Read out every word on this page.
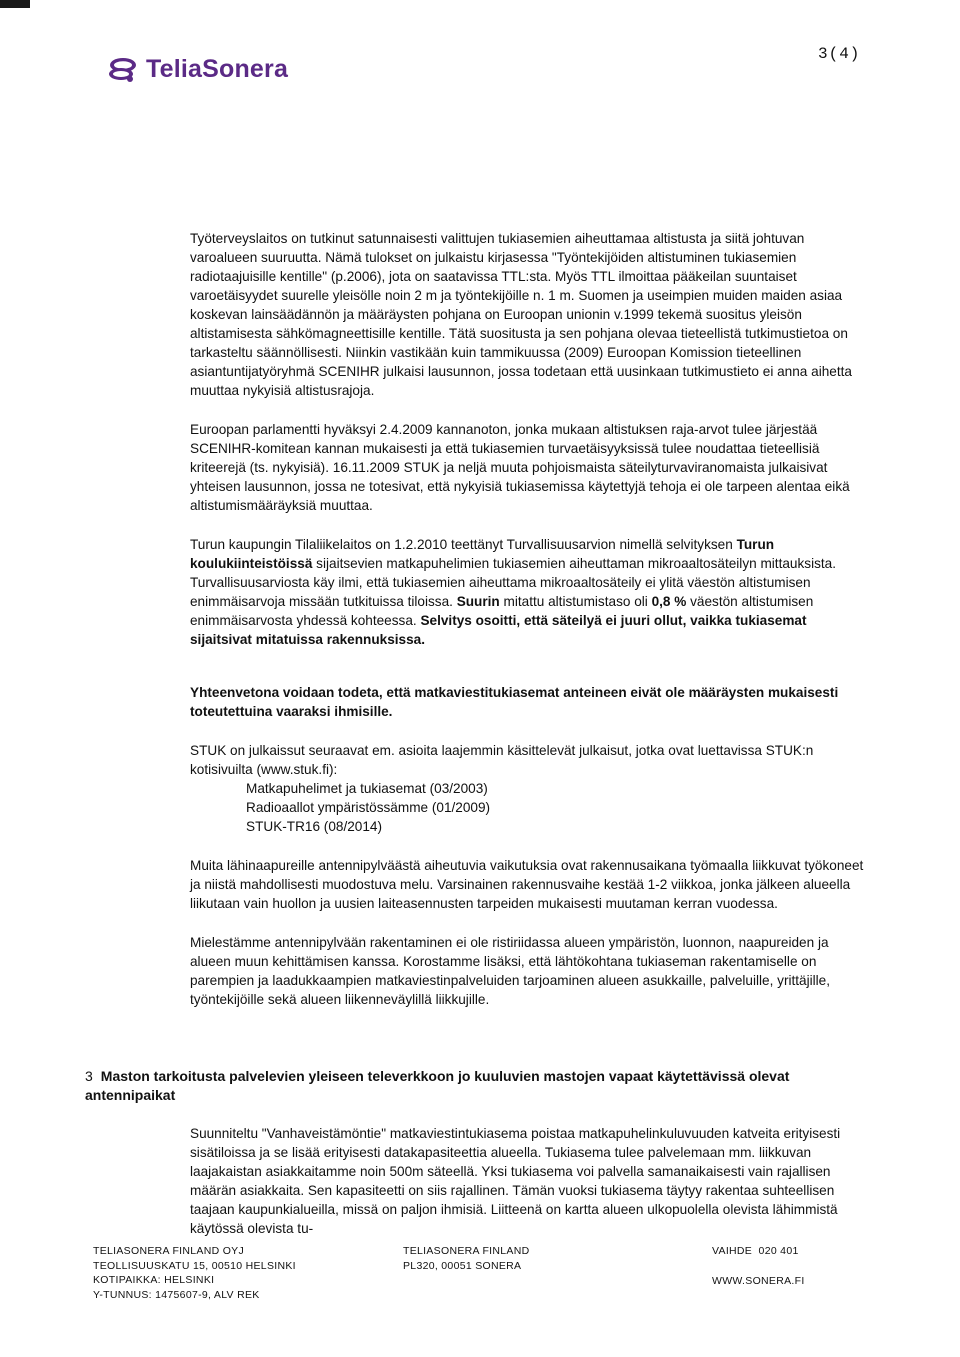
TeliaSonera
3(4)

Työterveyslaitos on tutkinut satunnaisesti valittujen tukiasemien aiheuttamaa altistusta ja siitä johtuvan varoalueen suuruutta. Nämä tulokset on julkaistu kirjasessa "Työntekijöiden altistuminen tukiasemien radiotaajuisille kentille" (p.2006), jota on saatavissa TTL:sta. Myös TTL ilmoittaa pääkeilan suuntaiset varoetäisyydet suurelle yleisölle noin 2 m ja työntekijöille n. 1 m. Suomen ja useimpien muiden maiden asiaa koskevan lainsäädännön ja määräysten pohjana on Euroopan unionin v.1999 tekemä suositus yleisön altistamisesta sähkömagneettisille kentille. Tätä suositusta ja sen pohjana olevaa tieteellistä tutkimustietoa on tarkasteltu säännöllisesti. Niinkin vastikään kuin tammikuussa (2009) Euroopan Komission tieteellinen asiantuntijatyöryhmä SCENIHR julkaisi lausunnon, jossa todetaan että uusinkaan tutkimustieto ei anna aihetta muuttaa nykyisiä altistusrajoja.

Euroopan parlamentti hyväksyi 2.4.2009 kannanoton, jonka mukaan altistuksen raja-arvot tulee järjestää SCENIHR-komitean kannan mukaisesti ja että tukiasemien turvaetäisyyksissä tulee noudattaa tieteellisiä kriteerejä (ts. nykyisiä). 16.11.2009 STUK ja neljä muuta pohjoismaista säteilyturvaviranomaista julkaisivat yhteisen lausunnon, jossa ne totesivat, että nykyisiä tukiasemissa käytettyjä tehoja ei ole tarpeen alentaa eikä altistumismääräyksiä muuttaa.

Turun kaupungin Tilaliikelaitos on 1.2.2010 teettänyt Turvallisuusarvion nimellä selvityksen Turun koulukiinteistöissä sijaitsevien matkapuhelimien tukiasemien aiheuttaman mikroaaltosäteilyn mittauksista. Turvallisuusarviosta käy ilmi, että tukiasemien aiheuttama mikroaaltosäteily ei ylitä väestön altistumisen enimmäisarvoja missään tutkituissa tiloissa. Suurin mitattu altistumistaso oli 0,8 % väestön altistumisen enimmäisarvosta yhdessä kohteessa. Selvitys osoitti, että säteilyä ei juuri ollut, vaikka tukiasemat sijaitsivat mitatuissa rakennuksissa.

Yhteenvetona voidaan todeta, että matkaviestitukiasemat anteineen eivät ole määräysten mukaisesti toteutettuina vaaraksi ihmisille.

STUK on julkaissut seuraavat em. asioita laajemmin käsittelevät julkaisut, jotka ovat luettavissa STUK:n kotisivuilta (www.stuk.fi):

Matkapuhelimet ja tukiasemat (03/2003)
Radioaallot ympäristössämme (01/2009)
STUK-TR16 (08/2014)

Muita lähinaapureille antennipylväästä aiheutuvia vaikutuksia ovat rakennusaikana työmaalla liikkuvat työkoneet ja niistä mahdollisesti muodostuva melu. Varsinainen rakennusvaihe kestää 1-2 viikkoa, jonka jälkeen alueella liikutaan vain huollon ja uusien laiteasennusten tarpeiden mukaisesti muutaman kerran vuodessa.

Mielestämme antennipylvään rakentaminen ei ole ristiriidassa alueen ympäristön, luonnon, naapureiden ja alueen muun kehittämisen kanssa. Korostamme lisäksi, että lähtökohtana tukiaseman rakentamiselle on parempien ja laadukkaampien matkaviestinpalveluiden tarjoaminen alueen asukkaille, palveluille, yrittäjille, työntekijöille sekä alueen liikenneväylillä liikkujille.

3 Maston tarkoitusta palvelevien yleiseen televerkkoon jo kuuluvien mastojen vapaat käytettävissä olevat antennipaikat

Suunniteltu "Vanhaveistämöntie" matkaviestintukiasema poistaa matkapuhelinkuluvuuden katveita erityisesti sisätiloissa ja se lisää erityisesti datakapasiteettia alueella. Tukiasema tulee palvelemaan mm. liikkuvan laajakaistan asiakkaitamme noin 500m säteellä. Yksi tukiasema voi palvella samanaikaisesti vain rajallisen määrän asiakkaita. Sen kapasiteetti on siis rajallinen. Tämän vuoksi tukiasema täytyy rakentaa suhteellisen taajaan kaupunkialueilla, missä on paljon ihmisiä. Liitteenä on kartta alueen ulkopuolella olevista lähimmistä käytössä olevista tu-

TELIASONERA FINLAND OYJ
TEOLLISUUSKATU 15, 00510 HELSINKI
KOTIPAIKKA: HELSINKI
Y-TUNNUS: 1475607-9, ALV REK
TELIASONERA FINLAND
PL320, 00051 SONERA
VAIHDE  020 401
WWW.SONERA.FI
